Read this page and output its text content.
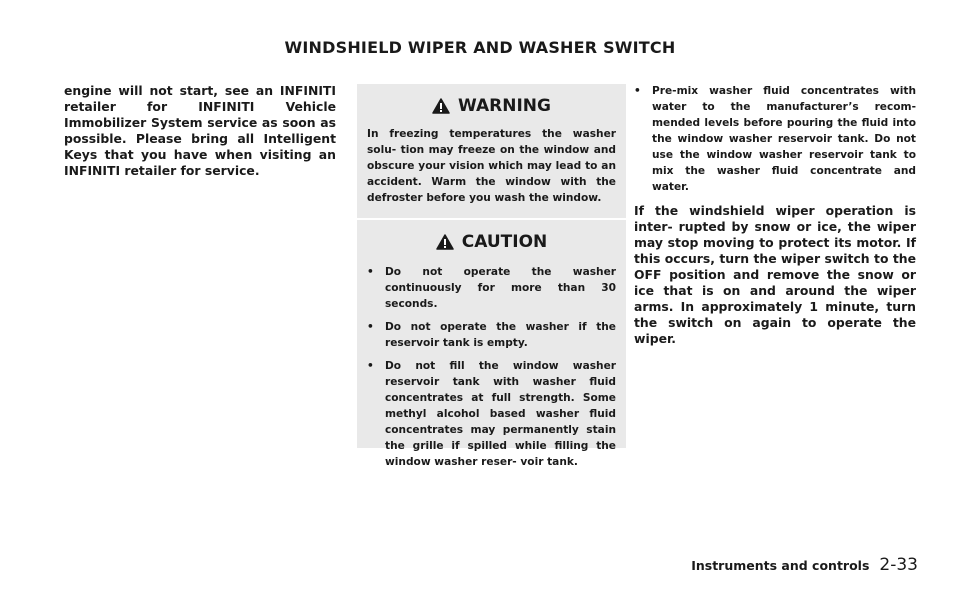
WINDSHIELD WIPER AND WASHER SWITCH
engine will not start, see an INFINITI retailer for INFINITI Vehicle Immobilizer System service as soon as possible. Please bring all Intelligent Keys that you have when visiting an INFINITI retailer for service.
WARNING
In freezing temperatures the washer solu- tion may freeze on the window and obscure your vision which may lead to an accident. Warm the window with the defroster before you wash the window.
CAUTION
• Do not operate the washer continuously for more than 30 seconds.
• Do not operate the washer if the reservoir tank is empty.
• Do not fill the window washer reservoir tank with washer fluid concentrates at full strength. Some methyl alcohol based washer fluid concentrates may permanently stain the grille if spilled while filling the window washer reser- voir tank.
• Pre-mix washer fluid concentrates with water to the manufacturer’s recom- mended levels before pouring the fluid into the window washer reservoir tank. Do not use the window washer reservoir tank to mix the washer fluid concentrate and water.
If the windshield wiper operation is inter- rupted by snow or ice, the wiper may stop moving to protect its motor. If this occurs, turn the wiper switch to the OFF position and remove the snow or ice that is on and around the wiper arms. In approximately 1 minute, turn the switch on again to operate the wiper.
Instruments and controls 2-33
